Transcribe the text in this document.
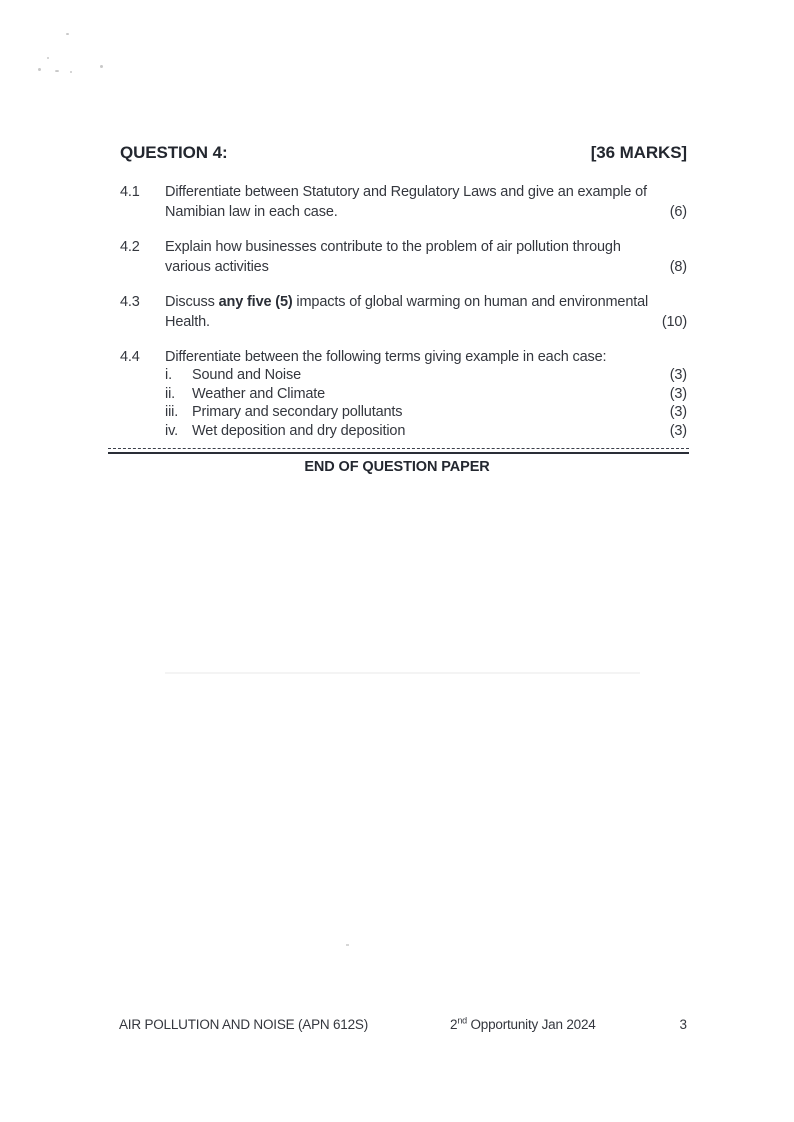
QUESTION 4:	[36 MARKS]
4.1	Differentiate between Statutory and Regulatory Laws and give an example of
Namibian law in each case.	(6)
4.2	Explain how businesses contribute to the problem of air pollution through
various activities	(8)
4.3	Discuss any five (5) impacts of global warming on human and environmental
Health.	(10)
4.4	Differentiate between the following terms giving example in each case:
i.	Sound and Noise	(3)
ii.	Weather and Climate	(3)
iii. Primary and secondary pollutants	(3)
iv. Wet deposition and dry deposition	(3)
END OF QUESTION PAPER
AIR POLLUTION AND NOISE (APN 612S)	2nd Opportunity Jan 2024	3
